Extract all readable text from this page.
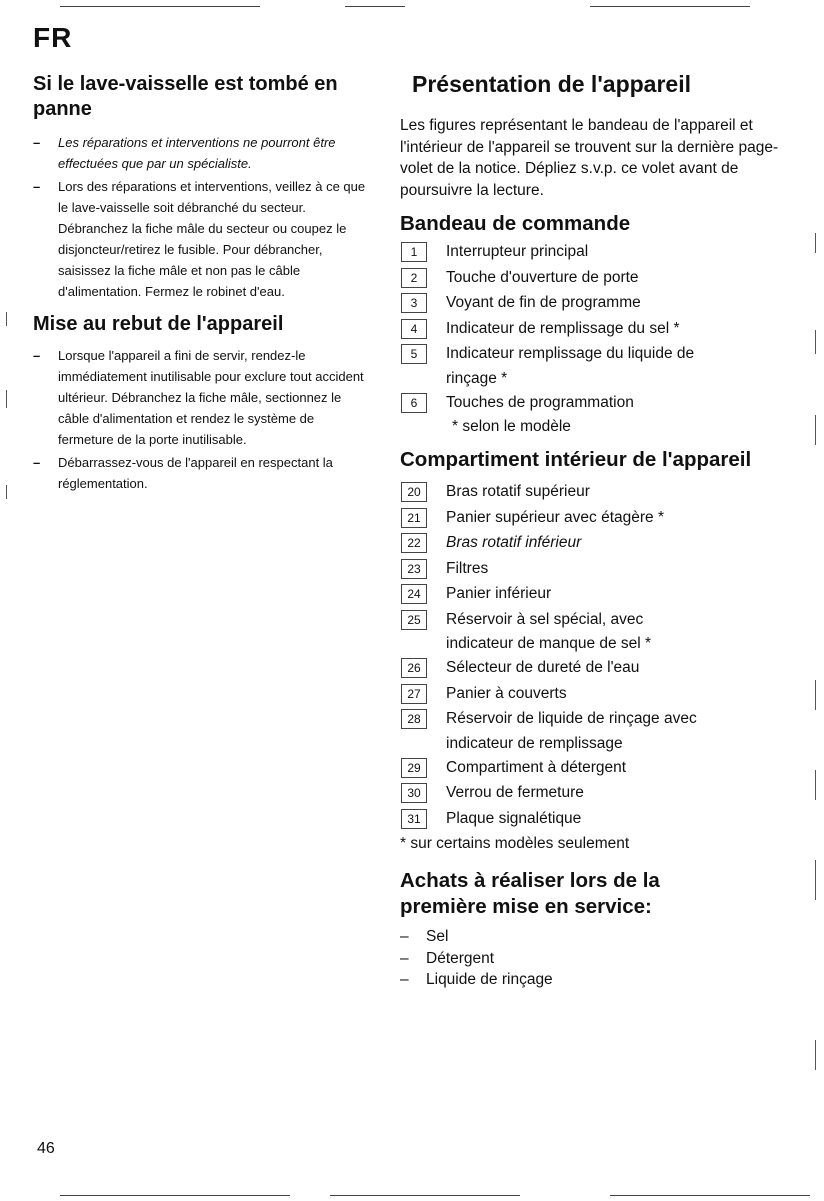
FR
Si le lave-vaisselle est tombé en panne
– Les réparations et interventions ne pourront être effectuées que par un spécialiste.
– Lors des réparations et interventions, veillez à ce que le lave-vaisselle soit débranché du secteur. Débranchez la fiche mâle du secteur ou coupez le disjoncteur/retirez le fusible. Pour débrancher, saisissez la fiche mâle et non pas le câble d'alimentation. Fermez le robinet d'eau.
Mise au rebut de l'appareil
– Lorsque l'appareil a fini de servir, rendez-le immédiatement inutilisable pour exclure tout accident ultérieur. Débranchez la fiche mâle, sectionnez le câble d'alimentation et rendez le système de fermeture de la porte inutilisable.
– Débarrassez-vous de l'appareil en respectant la réglementation.
Présentation de l'appareil

Les figures représentant le bandeau de l'appareil et l'intérieur de l'appareil se trouvent sur la dernière page-volet de la notice. Dépliez s.v.p. ce volet avant de poursuivre la lecture.

Bandeau de commande
1	Interrupteur principal
2	Touche d'ouverture de porte
3	Voyant de fin de programme
4	Indicateur de remplissage du sel *
5	Indicateur remplissage du liquide de
rinçage *
6	Touches de programmation
* selon le modèle
Compartiment intérieur de l'appareil
20	Bras rotatif supérieur
21	Panier supérieur avec étagère *
22	Bras rotatif inférieur
23	Filtres
24	Panier inférieur
25	Réservoir à sel spécial, avec
indicateur de manque de sel *
26	Sélecteur de dureté de l'eau
27	Panier à couverts
28	Réservoir de liquide de rinçage avec
indicateur de remplissage
29	Compartiment à détergent
30	Verrou de fermeture
31	Plaque signalétique
* sur certains modèles seulement
Achats à réaliser lors de la première mise en service:
– Sel
– Détergent
– Liquide de rinçage
46
